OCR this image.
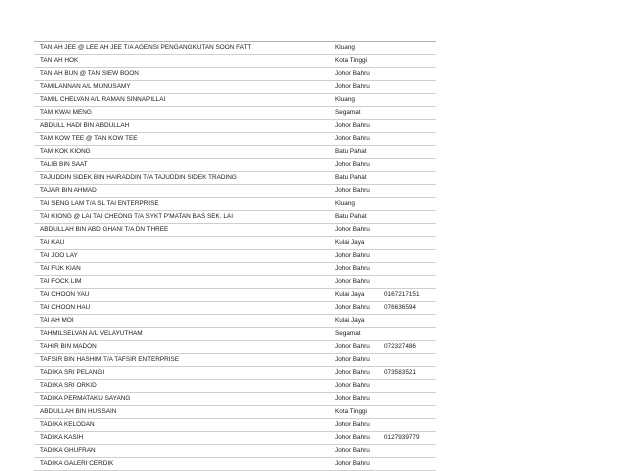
TAN AH JEE @ LEE AH JEE T/A AGENSI PENGANGKUTAN SOON FATT	Kluang
TAN AH HOK	Kota Tinggi
TAN AH BUN @ TAN SIEW BOON	Johor Bahru
TAMILANNAN A/L MUNUSAMY	Johor Bahru
TAMIL CHELVAN A/L RAMAN SINNAPILLAI	Kluang
TAM KWAI MENG	Segamat
ABDULL HADI BIN ABDULLAH	Johor Bahru
TAM KOW TEE @ TAN KOW TEE	Johor Bahru
TAM KOK KIONG	Batu Pahat
TALIB BIN SAAT	Johor Bahru
TAJUDDIN SIDEK BIN HAIRADDIN T/A TAJUDDIN SIDEK TRADING	Batu Pahat
TAJAR BIN AHMAD	Johor Bahru
TAI SENG LAM T/A SL TAI ENTERPRISE	Kluang
TAI KIONG @ LAI TAI CHEONG T/A SYKT P'MATAN BAS SEK. LAI	Batu Pahat
ABDULLAH BIN ABD GHANI T/A DN THREE	Johor Bahru
TAI KAU	Kulai Jaya
TAI JOO LAY	Johor Bahru
TAI FUK KIAN	Johor Bahru
TAI FOCK LIM	Johor Bahru
TAI CHOON YAU	Kulai Jaya	0167217151
TAI CHOON HAU	Johor Bahru 076636594
TAI AH MOI	Kulai Jaya
TAHMILSELVAN A/L VELAYUTHAM	Segamat
TAHIR BIN MADON	Johor Bahru 072327486
TAFSIR BIN HASHIM T/A TAFSIR ENTERPRISE	Johor Bahru
TADIKA SRI PELANGI	Johor Bahru 073583521
TADIKA SRI ORKID	Johor Bahru
TADIKA PERMATAKU SAYANG	Johor Bahru
ABDULLAH BIN HUSSAIN	Kota Tinggi
TADIKA KELODAN	Johor Bahru
TADIKA KASIH	Johor Bahru 0127939779
TADIKA GHUFRAN	Johor Bahru
TADIKA GALERI CERDIK	Johor Bahru
